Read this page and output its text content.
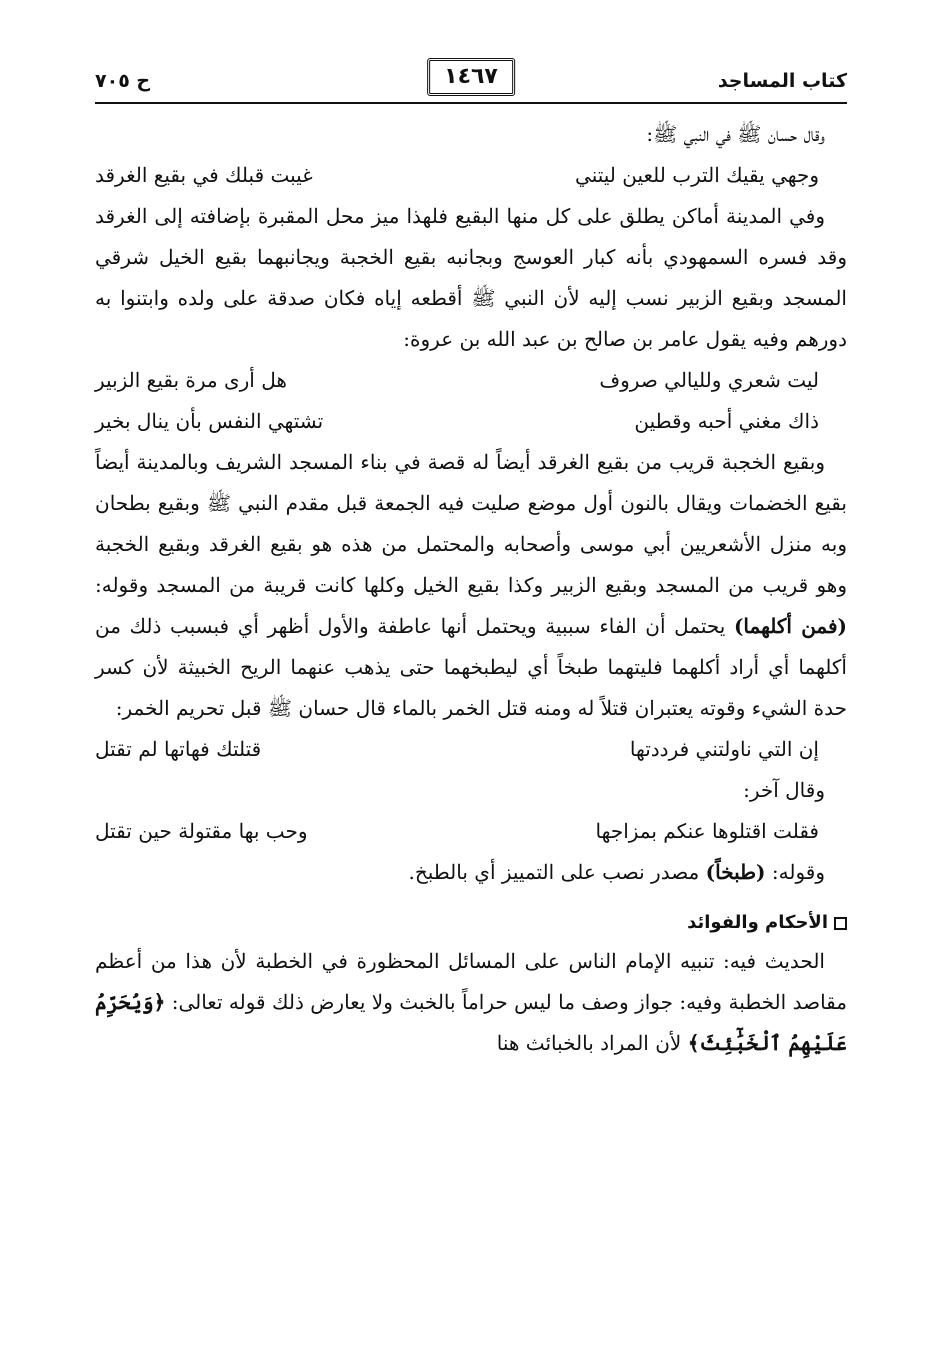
كتاب المساجد
١٤٦٧
ح ٧٠٥

وقال حسان ﷺ في النبي ﷺ:

وجهي يقيك الترب للعين ليتني
غيبت قبلك في بقيع الغرقد

وفي المدينة أماكن يطلق على كل منها البقيع فلهذا ميز محل المقبرة بإضافته إلى الغرقد وقد فسره السمهودي بأنه كبار العوسج وبجانبه بقيع الخجبة ويجانبهما بقيع الخيل شرقي المسجد وبقيع الزبير نسب إليه لأن النبي ﷺ أقطعه إياه فكان صدقة على ولده وابتنوا به دورهم وفيه يقول عامر بن صالح بن عبد الله بن عروة:

ليت شعري ولليالي صروف
هل أرى مرة بقيع الزبير
ذاك مغني أحبه وقطين
تشتهي النفس بأن ينال بخير

وبقيع الخجبة قريب من بقيع الغرقد أيضاً له قصة في بناء المسجد الشريف وبالمدينة أيضاً بقيع الخضمات ويقال بالنون أول موضع صليت فيه الجمعة قبل مقدم النبي ﷺ وبقيع بطحان وبه منزل الأشعريين أبي موسى وأصحابه والمحتمل من هذه هو بقيع الغرقد وبقيع الخجبة وهو قريب من المسجد وبقيع الزبير وكذا بقيع الخيل وكلها كانت قريبة من المسجد وقوله: (فمن أكلهما) يحتمل أن الفاء سببية ويحتمل أنها عاطفة والأول أظهر أي فبسبب ذلك من أكلهما أي أراد أكلهما فليتهما طبخاً أي ليطبخهما حتى يذهب عنهما الريح الخبيثة لأن كسر حدة الشيء وقوته يعتبران قتلاً له ومنه قتل الخمر بالماء قال حسان ﷺ قبل تحريم الخمر:

إن التي ناولتني فرددتها
قتلتك فهاتها لم تقتل

وقال آخر:

فقلت اقتلوها عنكم بمزاجها
وحب بها مقتولة حين تقتل

وقوله: (طبخاً) مصدر نصب على التمييز أي بالطبخ.

الأحكام والفوائد

الحديث فيه: تنبيه الإمام الناس على المسائل المحظورة في الخطبة لأن هذا من أعظم مقاصد الخطبة وفيه: جواز وصف ما ليس حراماً بالخبث ولا يعارض ذلك قوله تعالى: ﴿وَيُحَرِّمُ عَلَيْهِمُ ٱلْخَبَٰٓئِثَ﴾ لأن المراد بالخبائث هنا
